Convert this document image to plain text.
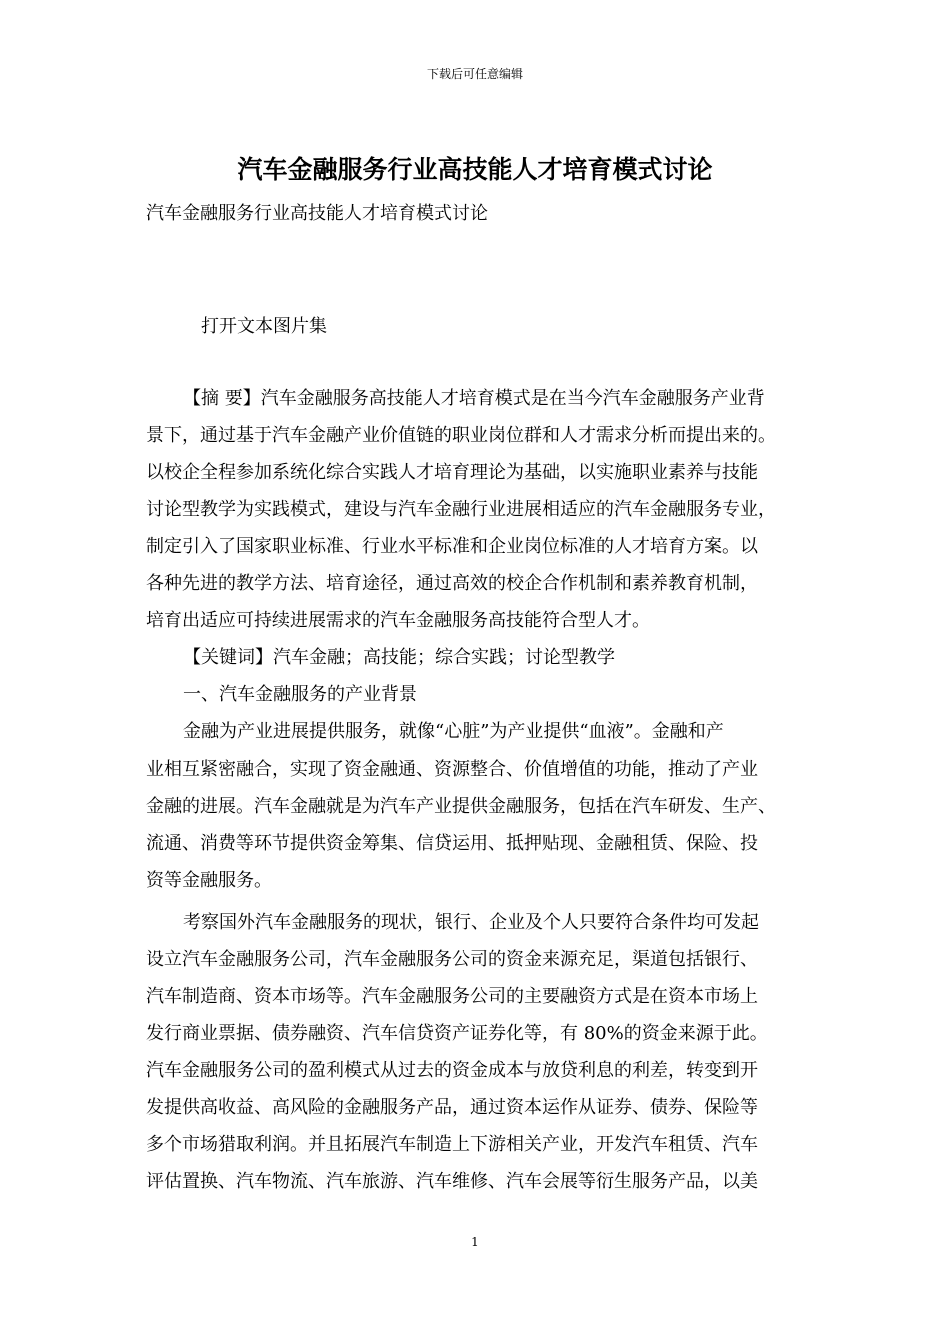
下载后可任意编辑
汽车金融服务行业高技能人才培育模式讨论
汽车金融服务行业高技能人才培育模式讨论
打开文本图片集
【摘 要】汽车金融服务高技能人才培育模式是在当今汽车金融服务产业背
景下，通过基于汽车金融产业价值链的职业岗位群和人才需求分析而提出来的。
以校企全程参加系统化综合实践人才培育理论为基础，以实施职业素养与技能
讨论型教学为实践模式，建设与汽车金融行业进展相适应的汽车金融服务专业，
制定引入了国家职业标准、行业水平标准和企业岗位标准的人才培育方案。以
各种先进的教学方法、培育途径，通过高效的校企合作机制和素养教育机制，
培育出适应可持续进展需求的汽车金融服务高技能符合型人才。
【关键词】汽车金融；高技能；综合实践；讨论型教学
一、汽车金融服务的产业背景
金融为产业进展提供服务，就像“心脏”为产业提供“血液”。金融和产
业相互紧密融合，实现了资金融通、资源整合、价值增值的功能，推动了产业
金融的进展。汽车金融就是为汽车产业提供金融服务，包括在汽车研发、生产、
流通、消费等环节提供资金筹集、信贷运用、抵押贴现、金融租赁、保险、投
资等金融服务。
考察国外汽车金融服务的现状，银行、企业及个人只要符合条件均可发起
设立汽车金融服务公司，汽车金融服务公司的资金来源充足，渠道包括银行、
汽车制造商、资本市场等。汽车金融服务公司的主要融资方式是在资本市场上
发行商业票据、债券融资、汽车信贷资产证券化等，有 80%的资金来源于此。
汽车金融服务公司的盈利模式从过去的资金成本与放贷利息的利差，转变到开
发提供高收益、高风险的金融服务产品，通过资本运作从证券、债券、保险等
多个市场猎取利润。并且拓展汽车制造上下游相关产业，开发汽车租赁、汽车
评估置换、汽车物流、汽车旅游、汽车维修、汽车会展等衍生服务产品，以美
1
